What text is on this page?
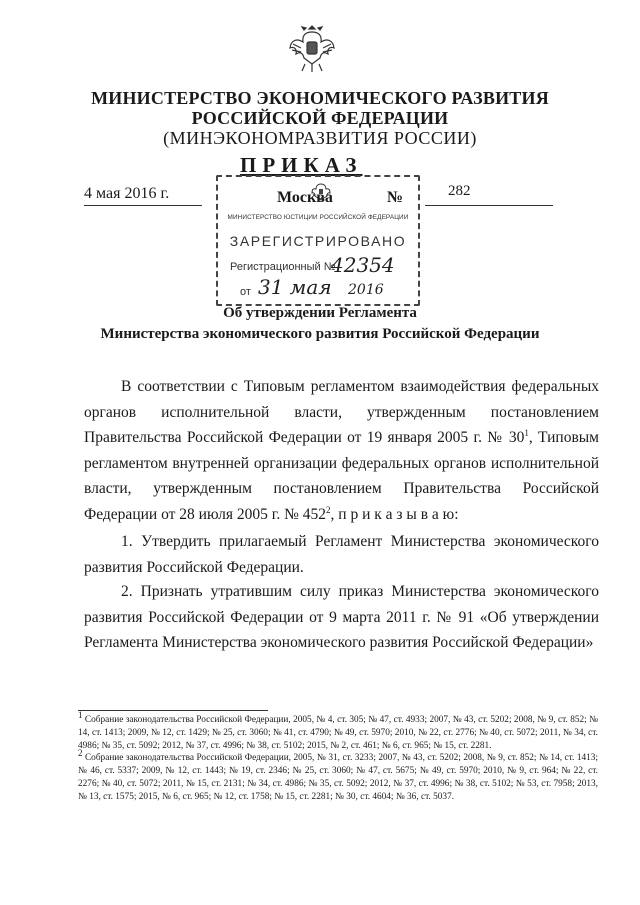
МИНИСТЕРСТВО ЭКОНОМИЧЕСКОГО РАЗВИТИЯ
РОССИЙСКОЙ ФЕДЕРАЦИИ
(МИНЭКОНОМРАЗВИТИЯ РОССИИ)
ПРИКАЗ
4 мая 2016 г.
МИНИСТЕРСТВО ЮСТИЦИИ РОССИЙСКОЙ ФЕДЕРАЦИИ
ЗАРЕГИСТРИРОВАНО
Регистрационный №
42354
от 31 мая 2016
Москва	№	282
Об утверждении Регламента
Министерства экономического развития Российской Федерации
В соответствии с Типовым регламентом взаимодействия федеральных органов исполнительной власти, утвержденным постановлением Правительства Российской Федерации от 19 января 2005 г. № $30^1$, Типовым регламентом внутренней организации федеральных органов исполнительной власти, утвержденным постановлением Правительства Российской Федерации от 28 июля 2005 г. № $452^2$, п р и к а з ы в а ю:
1. Утвердить прилагаемый Регламент Министерства экономического развития Российской Федерации.
2. Признать утратившим силу приказ Министерства экономического развития Российской Федерации от 9 марта 2011 г. № 91 «Об утверждении Регламента Министерства экономического развития Российской Федерации»

$^1$ Собрание законодательства Российской Федерации, 2005, № 4, ст. 305; № 47, ст. 4933; 2007, № 43, ст. 5202; 2008, № 9, ст. 852; № 14, ст. 1413; 2009, № 12, ст. 1429; № 25, ст. 3060; № 41, ст. 4790; № 49, ст. 5970; 2010, № 22, ст. 2776; № 40, ст. 5072; 2011, № 34, ст. 4986; № 35, ст. 5092; 2012, № 37, ст. 4996; № 38, ст. 5102; 2015, № 2, ст. 461; № 6, ст. 965; № 15, ст. 2281.

$^2$ Собрание законодательства Российской Федерации, 2005, № 31, ст. 3233; 2007, № 43, ст. 5202; 2008, № 9, ст. 852; № 14, ст. 1413; № 46, ст. 5337; 2009, № 12, ст. 1443; № 19, ст. 2346; № 25, ст. 3060; № 47, ст. 5675; № 49, ст. 5970; 2010, № 9, ст. 964; № 22, ст. 2276; № 40, ст. 5072; 2011, № 15, ст. 2131; № 34, ст. 4986; № 35, ст. 5092; 2012, № 37, ст. 4996; № 38, ст. 5102; № 53, ст. 7958; 2013, № 13, ст. 1575; 2015, № 6, ст. 965; № 12, ст. 1758; № 15, ст. 2281; № 30, ст. 4604; № 36, ст. 5037.
